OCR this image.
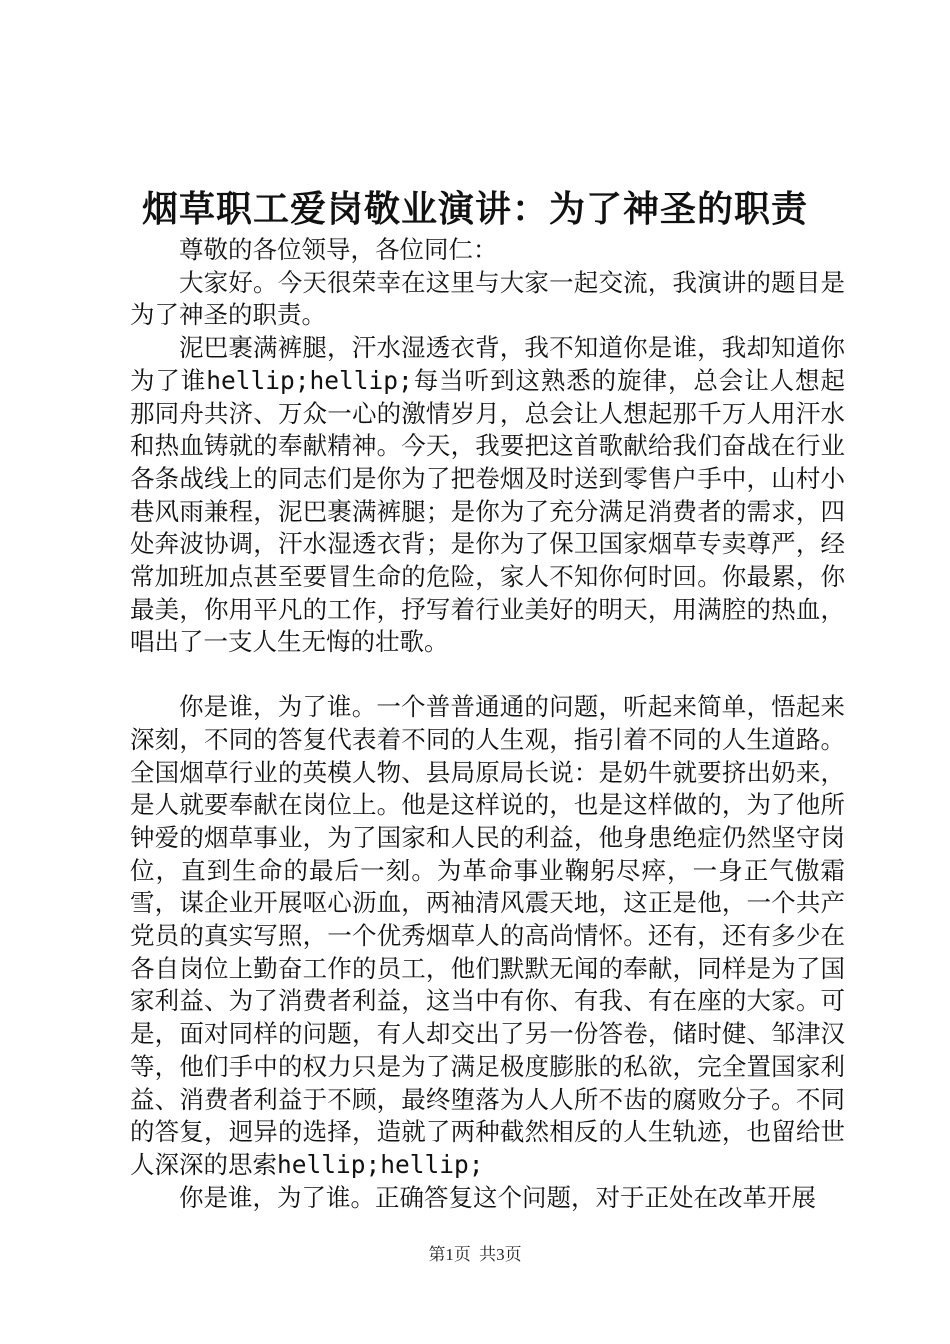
烟草职工爱岗敬业演讲：为了神圣的职责

尊敬的各位领导，各位同仁：

大家好。今天很荣幸在这里与大家一起交流，我演讲的题目是为了神圣的职责。

泥巴裹满裤腿，汗水湿透衣背，我不知道你是谁，我却知道你为了谁hellip;hellip;每当听到这熟悉的旋律，总会让人想起那同舟共济、万众一心的激情岁月，总会让人想起那千万人用汗水和热血铸就的奉献精神。今天，我要把这首歌献给我们奋战在行业各条战线上的同志们是你为了把卷烟及时送到零售户手中，山村小巷风雨兼程，泥巴裹满裤腿；是你为了充分满足消费者的需求，四处奔波协调，汗水湿透衣背；是你为了保卫国家烟草专卖尊严，经常加班加点甚至要冒生命的危险，家人不知你何时回。你最累，你最美，你用平凡的工作，抒写着行业美好的明天，用满腔的热血，唱出了一支人生无悔的壮歌。

你是谁，为了谁。一个普普通通的问题，听起来简单，悟起来深刻，不同的答复代表着不同的人生观，指引着不同的人生道路。全国烟草行业的英模人物、县局原局长说：是奶牛就要挤出奶来，是人就要奉献在岗位上。他是这样说的，也是这样做的，为了他所钟爱的烟草事业，为了国家和人民的利益，他身患绝症仍然坚守岗位，直到生命的最后一刻。为革命事业鞠躬尽瘁，一身正气傲霜雪，谋企业开展呕心沥血，两袖清风震天地，这正是他，一个共产党员的真实写照，一个优秀烟草人的高尚情怀。还有，还有多少在各自岗位上勤奋工作的员工，他们默默无闻的奉献，同样是为了国家利益、为了消费者利益，这当中有你、有我、有在座的大家。可是，面对同样的问题，有人却交出了另一份答卷，储时健、邹津汉等，他们手中的权力只是为了满足极度膨胀的私欲，完全置国家利益、消费者利益于不顾，最终堕落为人人所不齿的腐败分子。不同的答复，迥异的选择，造就了两种截然相反的人生轨迹，也留给世人深深的思索hellip;hellip;

你是谁，为了谁。正确答复这个问题，对于正处在改革开展

第1页 共3页
